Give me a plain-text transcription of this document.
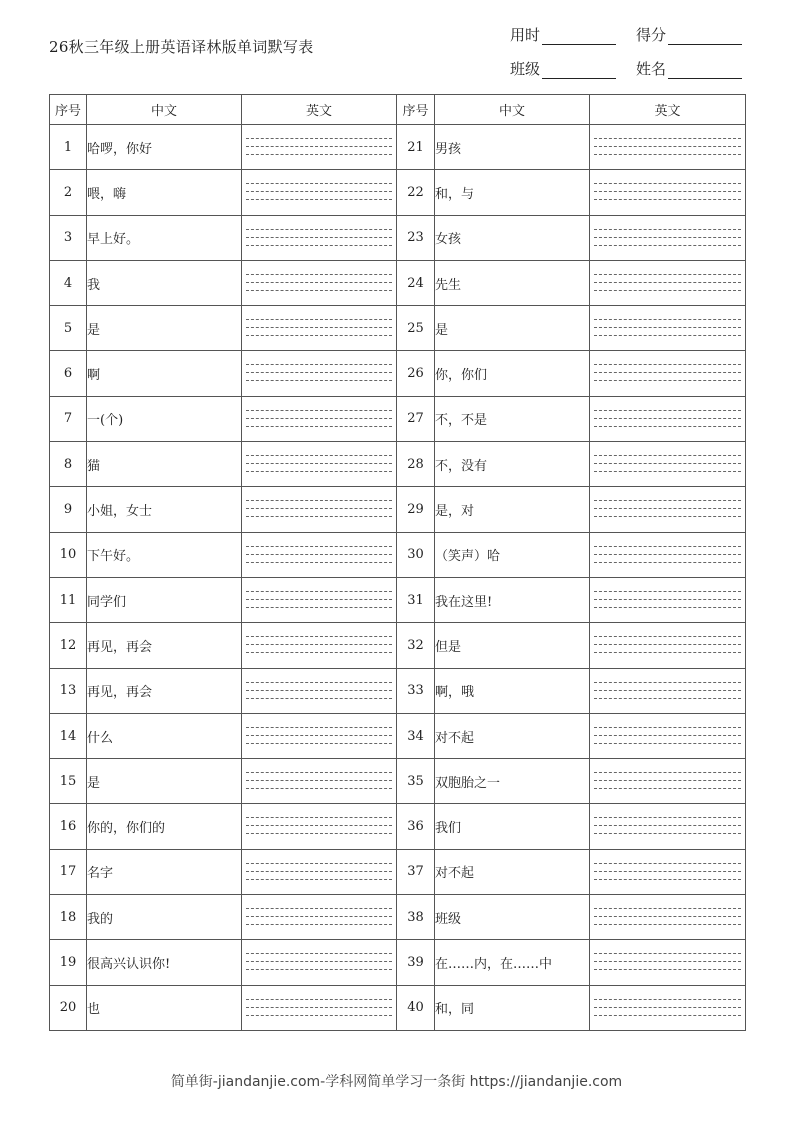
26秋三年级上册英语译林版单词默写表
用时	得分
班级	姓名
序号	中文	英文	序号	中文	英文
1	哈啰，你好		21	男孩	

2	喂，嗨		22	和，与	

3	早上好。		23	女孩	

4	我		24	先生	

5	是		25	是	

6	啊		26	你，你们	

7	一(个)		27	不，不是	

8	猫		28	不，没有	

9	小姐，女士		29	是，对	

10	下午好。		30	（笑声）哈	

11	同学们		31	我在这里!	

12	再见，再会		32	但是	

13	再见，再会		33	啊，哦	

14	什么		34	对不起	

15	是		35	双胞胎之一	

16	你的，你们的		36	我们	

17	名字		37	对不起	

18	我的		38	班级	

19	很高兴认识你!		39	在……内，在……中	

20	也		40	和，同	
简单街-jiandanjie.com-学科网简单学习一条街 https://jiandanjie.com
